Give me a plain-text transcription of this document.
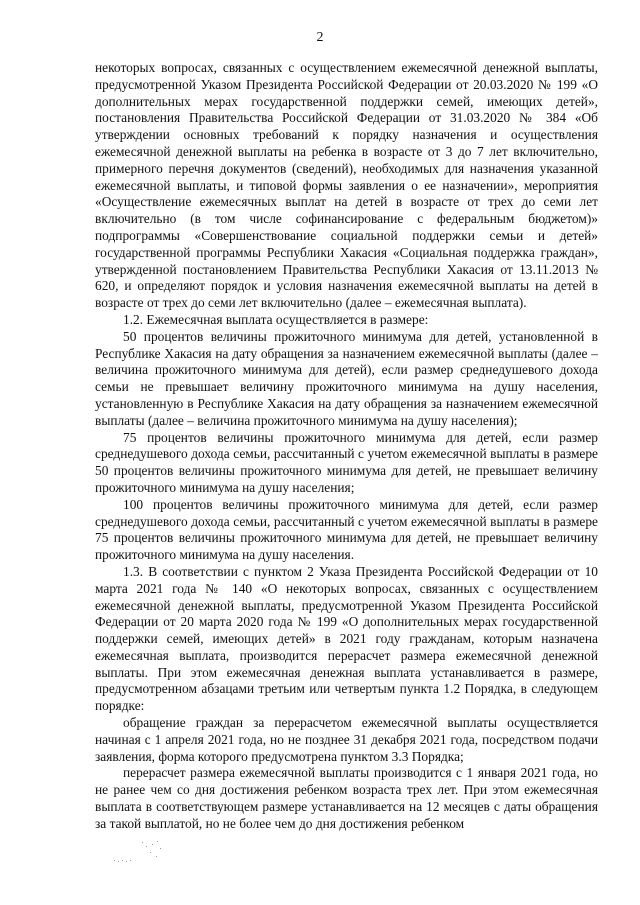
2

некоторых вопросах, связанных с осуществлением ежемесячной денежной выплаты, предусмотренной Указом Президента Российской Федерации от 20.03.2020 № 199 «О дополнительных мерах государственной поддержки семей, имеющих детей», постановления Правительства Российской Федерации от 31.03.2020 № 384 «Об утверждении основных требований к порядку назначения и осуществления ежемесячной денежной выплаты на ребенка в возрасте от 3 до 7 лет включительно, примерного перечня документов (сведений), необходимых для назначения указанной ежемесячной выплаты, и типовой формы заявления о ее назначении», мероприятия «Осуществление ежемесячных выплат на детей в возрасте от трех до семи лет включительно (в том числе софинансирование с федеральным бюджетом)» подпрограммы «Совершенствование социальной поддержки семьи и детей» государственной программы Республики Хакасия «Социальная поддержка граждан», утвержденной постановлением Правительства Республики Хакасия от 13.11.2013 № 620, и определяют порядок и условия назначения ежемесячной выплаты на детей в возрасте от трех до семи лет включительно (далее – ежемесячная выплата).

1.2. Ежемесячная выплата осуществляется в размере:

50 процентов величины прожиточного минимума для детей, установленной в Республике Хакасия на дату обращения за назначением ежемесячной выплаты (далее – величина прожиточного минимума для детей), если размер среднедушевого дохода семьи не превышает величину прожиточного минимума на душу населения, установленную в Республике Хакасия на дату обращения за назначением ежемесячной выплаты (далее – величина прожиточного минимума на душу населения);

75 процентов величины прожиточного минимума для детей, если размер среднедушевого дохода семьи, рассчитанный с учетом ежемесячной выплаты в размере 50 процентов величины прожиточного минимума для детей, не превышает величину прожиточного минимума на душу населения;

100 процентов величины прожиточного минимума для детей, если размер среднедушевого дохода семьи, рассчитанный с учетом ежемесячной выплаты в размере 75 процентов величины прожиточного минимума для детей, не превышает величину прожиточного минимума на душу населения.

1.3. В соответствии с пунктом 2 Указа Президента Российской Федерации от 10 марта 2021 года № 140 «О некоторых вопросах, связанных с осуществлением ежемесячной денежной выплаты, предусмотренной Указом Президента Российской Федерации от 20 марта 2020 года № 199 «О дополнительных мерах государственной поддержки семей, имеющих детей» в 2021 году гражданам, которым назначена ежемесячная выплата, производится перерасчет размера ежемесячной денежной выплаты. При этом ежемесячная денежная выплата устанавливается в размере, предусмотренном абзацами третьим или четвертым пункта 1.2 Порядка, в следующем порядке:

обращение граждан за перерасчетом ежемесячной выплаты осуществляется начиная с 1 апреля 2021 года, но не позднее 31 декабря 2021 года, посредством подачи заявления, форма которого предусмотрена пунктом 3.3 Порядка;

перерасчет размера ежемесячной выплаты производится с 1 января 2021 года, но не ранее чем со дня достижения ребенком возраста трех лет. При этом ежемесячная выплата в соответствующем размере устанавливается на 12 месяцев с даты обращения за такой выплатой, но не более чем до дня достижения ребенком
